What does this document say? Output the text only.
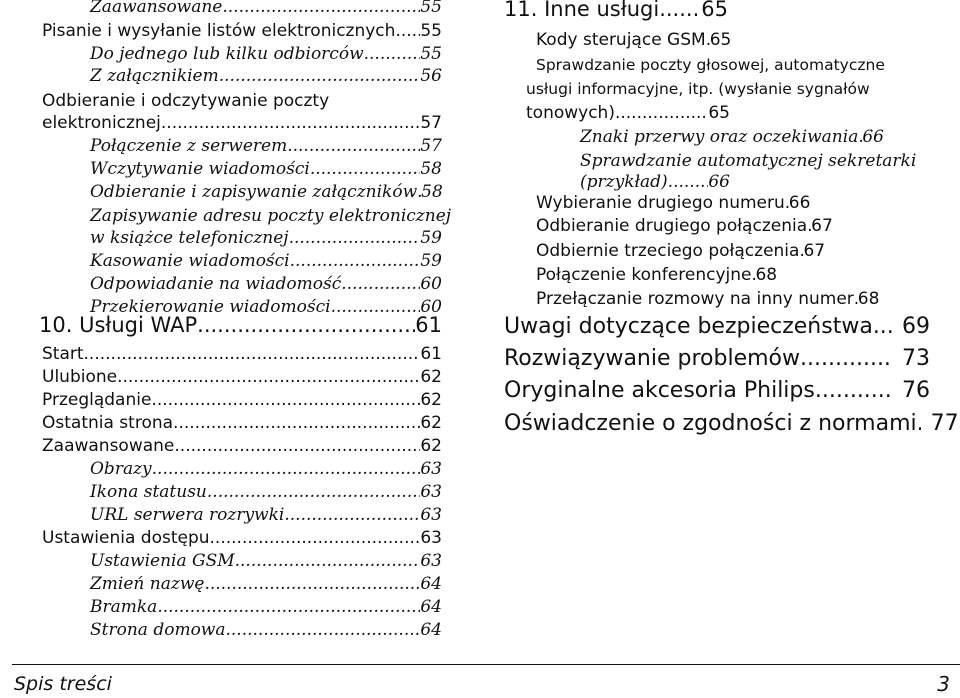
Zaawansowane .....	55
Pisanie i wysyłanie listów elektronicznych ..... 55
Do jednego lub kilku odbiorców .....	55
Z załącznikiem .....	56
Odbieranie i odczytywanie poczty
elektronicznej .....	57
Połączenie z serwerem .....	57
Wczytywanie wiadomości .....	58
Odbieranie i zapisywanie załączników ..... 58
Zapisywanie adresu poczty elektronicznej
w książce telefonicznej .....	59
Kasowanie wiadomości .....	59
Odpowiadanie na wiadomość .....	60
Przekierowanie wiadomości .....	60
10. Usługi WAP .....	61
Start .....	61
Ulubione .....	62
Przeglądanie .....	62
Ostatnia strona .....	62
Zaawansowane .....	62
Obrazy .....	63
Ikona statusu .....	63
URL serwera rozrywki .....	63
Ustawienia dostępu .....	63
Ustawienia GSM .....	63
Zmień nazwę .....	64
Bramka .....	64
Strona domowa .....	64
11. Inne usługi ..... 65
Kody sterujące GSM ..... 65
Sprawdzanie poczty głosowej, automatyczne
usługi informacyjne, itp. (wysłanie sygnałów
tonowych) .....	65
Znaki przerwy oraz oczekiwania ..... 66
Sprawdzanie automatycznej sekretarki
(przykład) ..... 66
Wybieranie drugiego numeru ..... 66
Odbieranie drugiego połączenia ..... 67
Odbiernie trzeciego połączenia ..... 67
Połączenie konferencyjne ..... 68
Przełączanie rozmowy na inny numer ..... 68
Uwagi dotyczące bezpieczeństwa ..... 69
Rozwiązywanie problemów .....	73
Oryginalne akcesoria Philips .....	76
Oświadczenie o zgodności z normami ..... 77
Spis treści	3
